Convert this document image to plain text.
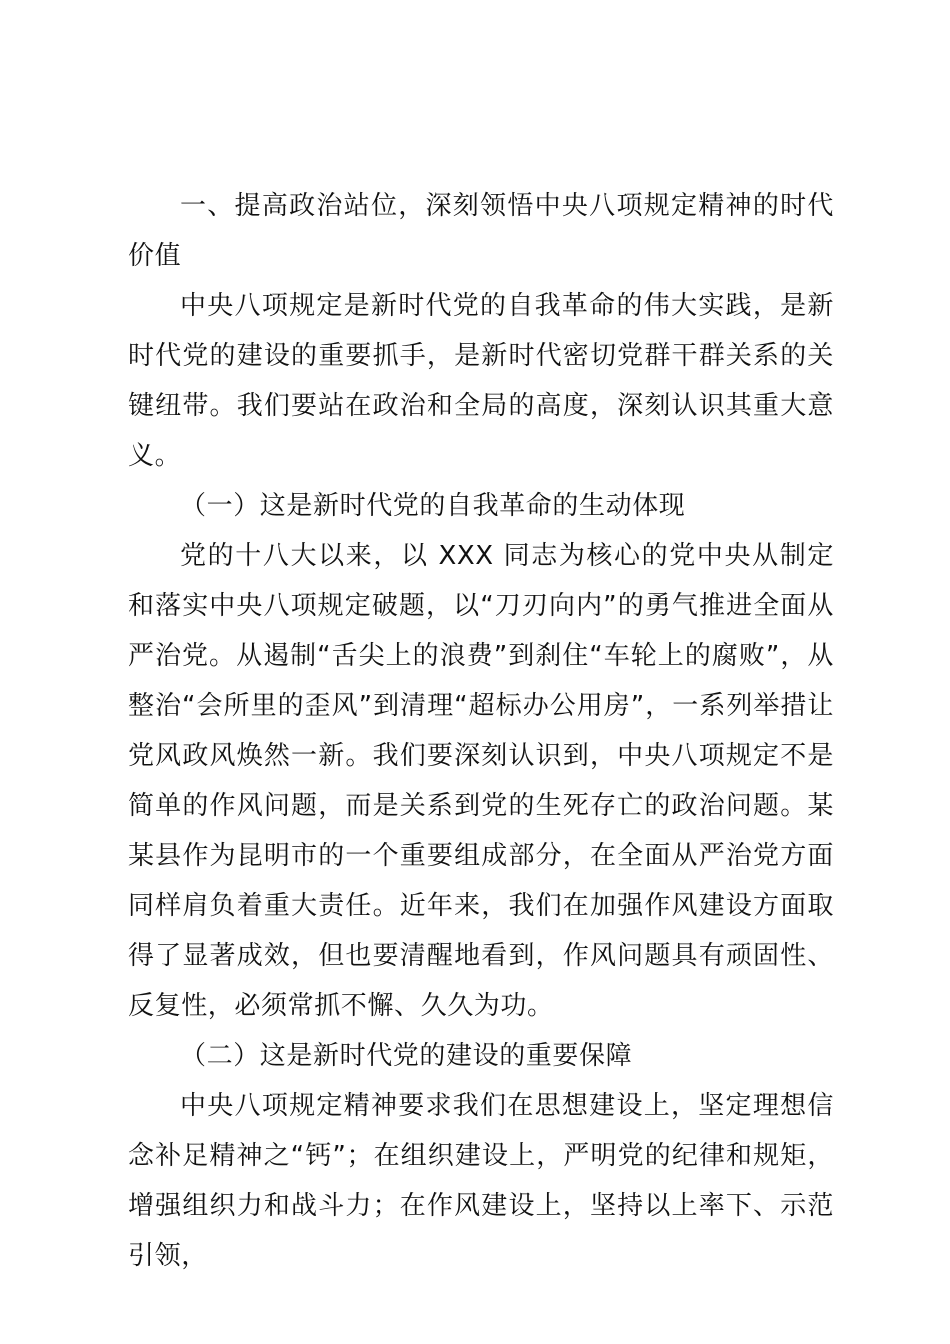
一、提高政治站位，深刻领悟中央八项规定精神的时代价值

中央八项规定是新时代党的自我革命的伟大实践，是新时代党的建设的重要抓手，是新时代密切党群干群关系的关键纽带。我们要站在政治和全局的高度，深刻认识其重大意义。

（一）这是新时代党的自我革命的生动体现

党的十八大以来，以 XXX 同志为核心的党中央从制定和落实中央八项规定破题，以“刀刃向内”的勇气推进全面从严治党。从遏制“舌尖上的浪费”到刹住“车轮上的腐败”，从整治“会所里的歪风”到清理“超标办公用房”，一系列举措让党风政风焕然一新。我们要深刻认识到，中央八项规定不是简单的作风问题，而是关系到党的生死存亡的政治问题。某某县作为昆明市的一个重要组成部分，在全面从严治党方面同样肩负着重大责任。近年来，我们在加强作风建设方面取得了显著成效，但也要清醒地看到，作风问题具有顽固性、反复性，必须常抓不懈、久久为功。

（二）这是新时代党的建设的重要保障

中央八项规定精神要求我们在思想建设上，坚定理想信念补足精神之“钙”；在组织建设上，严明党的纪律和规矩，增强组织力和战斗力；在作风建设上，坚持以上率下、示范引领，
